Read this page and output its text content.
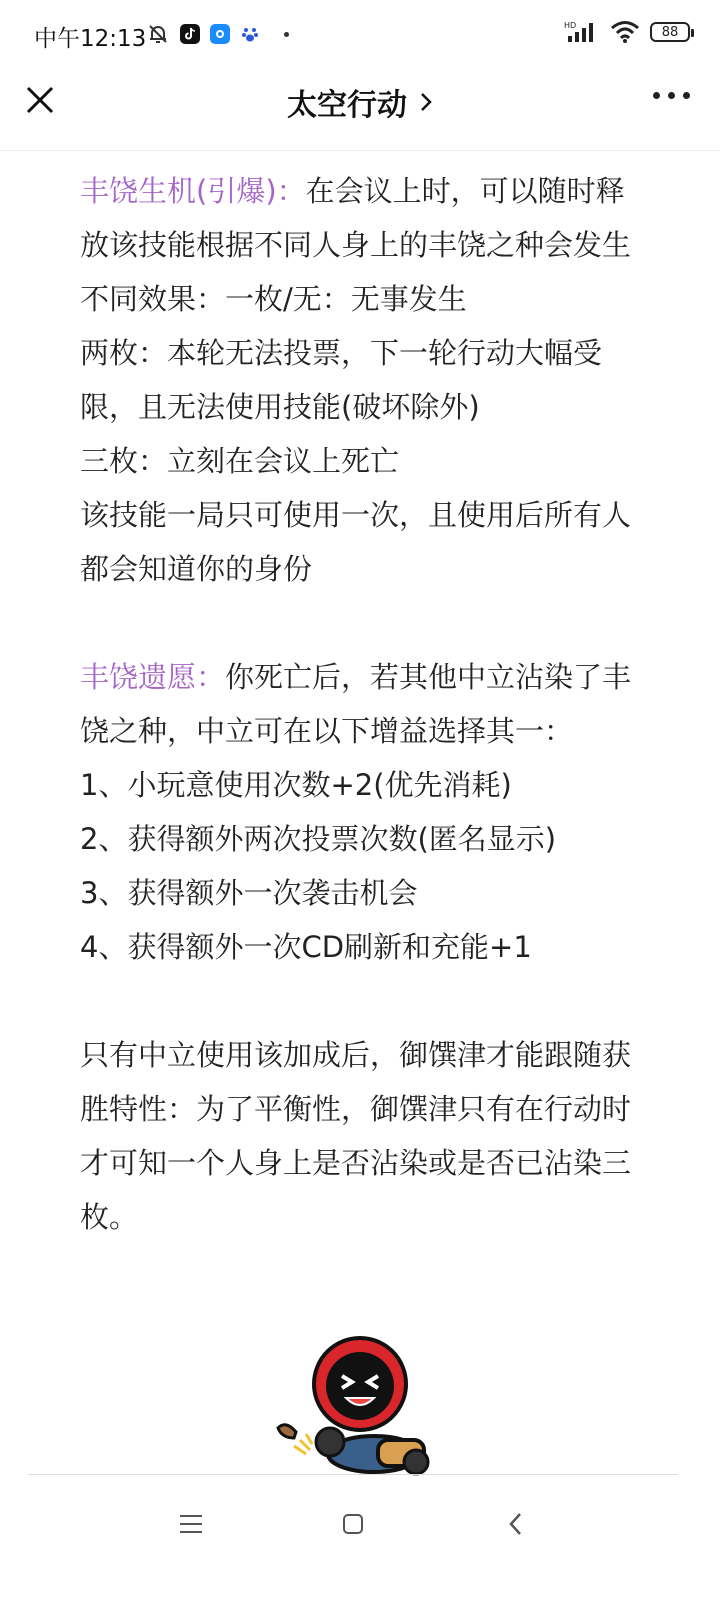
中午12:13
HD	88
太空行动

丰饶生机(引爆)：在会议上时，可以随时释放该技能根据不同人身上的丰饶之种会发生不同效果：一枚/无：无事发生

两枚：本轮无法投票，下一轮行动大幅受限，且无法使用技能(破坏除外)

三枚：立刻在会议上死亡

该技能一局只可使用一次，且使用后所有人都会知道你的身份

丰饶遗愿：你死亡后，若其他中立沾染了丰饶之种，中立可在以下增益选择其一：

1、小玩意使用次数+2(优先消耗)

2、获得额外两次投票次数(匿名显示)

3、获得额外一次袭击机会

4、获得额外一次CD刷新和充能+1

只有中立使用该加成后，御馔津才能跟随获胜特性：为了平衡性，御馔津只有在行动时才可知一个人身上是否沾染或是否已沾染三枚。
